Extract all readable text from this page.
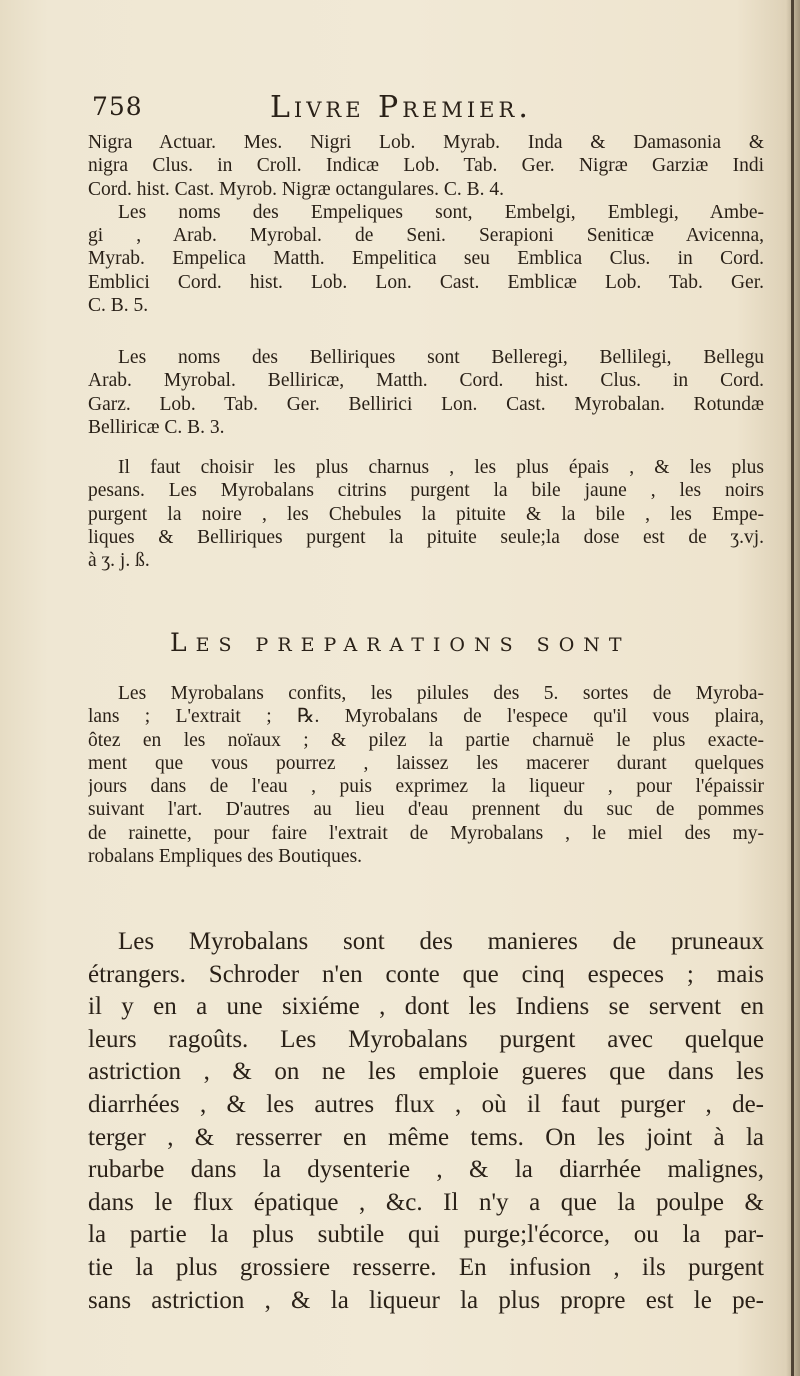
758	Livre Premier.
Nigra Actuar. Mes. Nigri Lob. Myrab. Inda & Damasonia &
nigra Clus. in Croll. Indicæ Lob. Tab. Ger. Nigræ Garziæ Indi
Cord. hist. Cast. Myrob. Nigræ octangulares. C. B. 4.
Les noms des Empeliques sont, Embelgi, Emblegi, Ambe-
gi , Arab. Myrobal. de Seni. Serapioni Seniticæ Avicenna,
Myrab. Empelica Matth. Empelitica seu Emblica Clus. in Cord.
Emblici Cord. hist. Lob. Lon. Cast. Emblicæ Lob. Tab. Ger.
C. B. 5.
Les noms des Belliriques sont Belleregi, Bellilegi, Bellegu
Arab. Myrobal. Belliricæ, Matth. Cord. hist. Clus. in Cord.
Garz. Lob. Tab. Ger. Bellirici Lon. Cast. Myrobalan. Rotundæ
Belliricæ C. B. 3.
Il faut choisir les plus charnus , les plus épais , & les plus
pesans. Les Myrobalans citrins purgent la bile jaune , les noirs
purgent la noire , les Chebules la pituite & la bile , les Empe-
liques & Belliriques purgent la pituite seule;la dose est de ʒ.vj.
à ʒ. j. ß.
LES PREPARATIONS SONT
Les Myrobalans confits, les pilules des 5. sortes de Myroba-
lans ; L'extrait ; ℞. Myrobalans de l'espece qu'il vous plaira,
ôtez en les noïaux ; & pilez la partie charnuë le plus exacte-
ment que vous pourrez , laissez les macerer durant quelques
jours dans de l'eau , puis exprimez la liqueur , pour l'épaissir
suivant l'art. D'autres au lieu d'eau prennent du suc de pommes
de rainette, pour faire l'extrait de Myrobalans , le miel des my-
robalans Empliques des Boutiques.
Les Myrobalans sont des manieres de pruneaux
étrangers. Schroder n'en conte que cinq especes ; mais
il y en a une sixiéme , dont les Indiens se servent en
leurs ragoûts. Les Myrobalans purgent avec quelque
astriction , & on ne les emploie gueres que dans les
diarrhées , & les autres flux , où il faut purger , de-
terger , & resserrer en même tems. On les joint à la
rubarbe dans la dysenterie , & la diarrhée malignes,
dans le flux épatique , &c. Il n'y a que la poulpe &
la partie la plus subtile qui purge;l'écorce, ou la par-
tie la plus grossiere resserre. En infusion , ils purgent
sans astriction , & la liqueur la plus propre est le pe-
